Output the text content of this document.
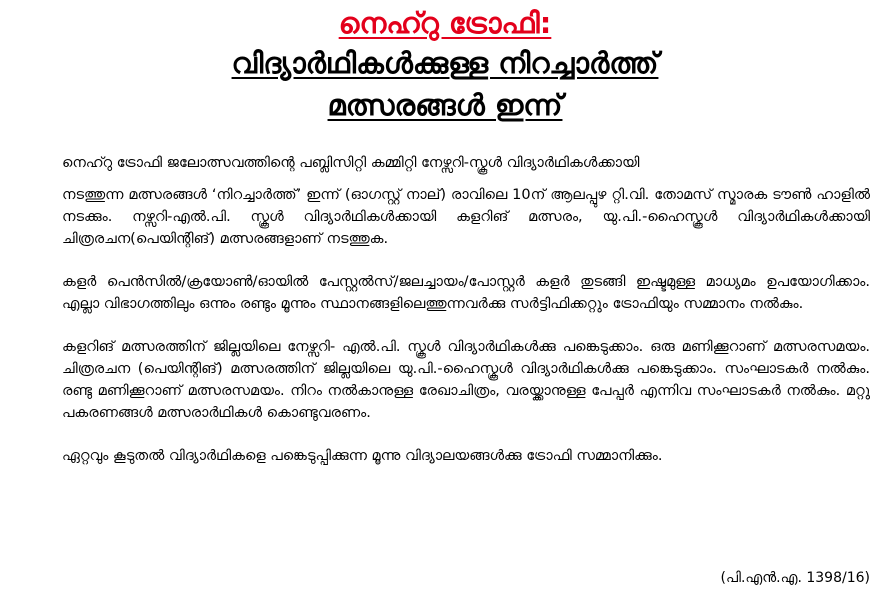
നെഹ്റു ട്രോഫി:
വിദ്യാർഥികൾക്കുള്ള നിറച്ചാർത്ത്
മത്സരങ്ങൾ ഇന്ന്

നെഹ്റു ട്രോഫി ജലോത്സവത്തിന്റെ പബ്ലിസിറ്റി കമ്മിറ്റി നേഴ്സറി-സ്കൂൾ വിദ്യാർഥികൾക്കായി
നടത്തുന്ന മത്സരങ്ങൾ ‘നിറച്ചാർത്ത്’ ഇന്ന് (ഓഗസ്റ്റ് നാല്) രാവിലെ 10ന് ആലപ്പുഴ റ്റി.വി. തോമസ് സ്മാരക ടൗൺ ഹാളിൽ നടക്കും. നഴ്സറി-എൽ.പി. സ്കൂൾ വിദ്യാർഥികൾക്കായി കളറിങ് മത്സരം, യു.പി.-ഹൈസ്കൂൾ വിദ്യാർഥികൾക്കായി ചിത്രരചന(പെയിന്റിങ്) മത്സരങ്ങളാണ് നടത്തുക.

കളർ പെൻസിൽ/ക്രയോൺ/ഓയിൽ പേസ്റ്റൽസ്/ജലച്ചായം/പോസ്റ്റർ കളർ തുടങ്ങി ഇഷ്ടമുള്ള മാധ്യമം ഉപയോഗിക്കാം. എല്ലാ വിഭാഗത്തിലും ഒന്നും രണ്ടും മൂന്നും സ്ഥാനങ്ങളിലെത്തുന്നവർക്കു സർട്ടിഫിക്കറ്റും ട്രോഫിയും സമ്മാനം നൽകും.

കളറിങ് മത്സരത്തിന് ജില്ലയിലെ നേഴ്സറി- എൽ.പി. സ്കൂൾ വിദ്യാർഥികൾക്കു പങ്കെടുക്കാം. ഒരു മണിക്കൂറാണ് മത്സരസമയം. ചിത്രരചന (പെയിന്റിങ്) മത്സരത്തിന് ജില്ലയിലെ യു.പി.-ഹൈസ്കൂൾ വിദ്യാർഥികൾക്കു പങ്കെടുക്കാം. സംഘാടകർ നൽകും. രണ്ടു മണിക്കൂറാണ് മത്സരസമയം. നിറം നൽകാനുള്ള രേഖാചിത്രം, വരയ്ക്കാനുള്ള പേപ്പർ എന്നിവ സംഘാടകർ നൽകും. മറ്റു പകരണങ്ങൾ മത്സരാർഥികൾ കൊണ്ടുവരണം.

ഏറ്റവും കൂടുതൽ വിദ്യാർഥികളെ പങ്കെടുപ്പിക്കുന്ന മൂന്നു വിദ്യാലയങ്ങൾക്കു ട്രോഫി സമ്മാനിക്കും.

(പി.എൻ.എ. 1398/16)
